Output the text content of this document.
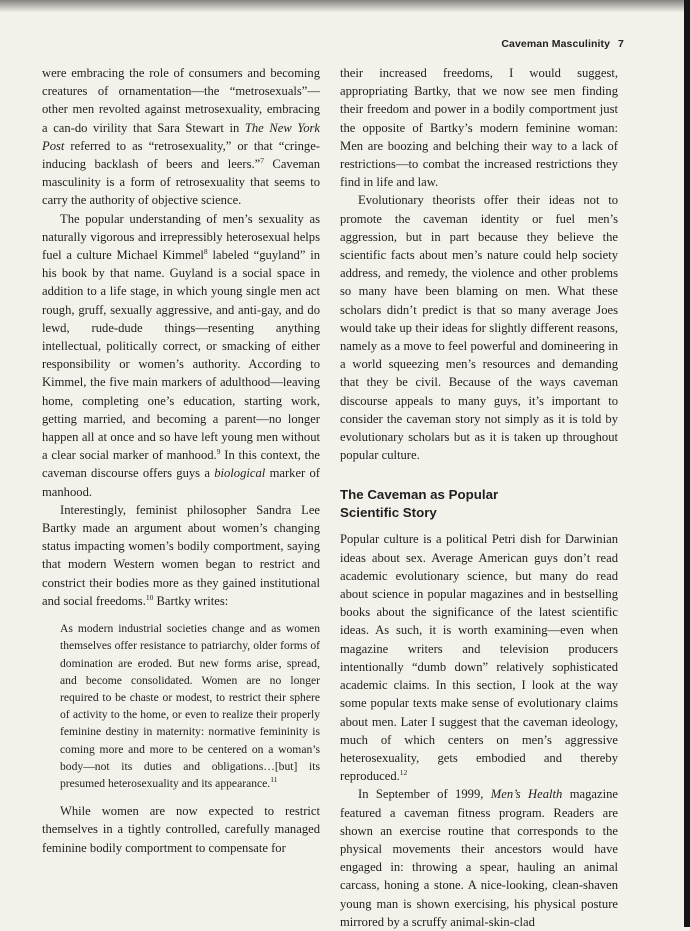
Caveman Masculinity 7

were embracing the role of consumers and becoming creatures of ornamentation—the “metrosexuals”—other men revolted against metrosexuality, embracing a can-do virility that Sara Stewart in The New York Post referred to as “retrosexuality,” or that “cringe-inducing backlash of beers and leers.”$^7$ Caveman masculinity is a form of retrosexuality that seems to carry the authority of objective science.

The popular understanding of men’s sexuality as naturally vigorous and irrepressibly heterosexual helps fuel a culture Michael Kimmel$^8$ labeled “guyland” in his book by that name. Guyland is a social space in addition to a life stage, in which young single men act rough, gruff, sexually aggressive, and anti-gay, and do lewd, rude-dude things—resenting anything intellectual, politically correct, or smacking of either responsibility or women’s authority. According to Kimmel, the five main markers of adulthood—leaving home, completing one’s education, starting work, getting married, and becoming a parent—no longer happen all at once and so have left young men without a clear social marker of manhood.$^9$ In this context, the caveman discourse offers guys a biological marker of manhood.

Interestingly, feminist philosopher Sandra Lee Bartky made an argument about women’s changing status impacting women’s bodily comportment, saying that modern Western women began to restrict and constrict their bodies more as they gained institutional and social freedoms.$^{10}$ Bartky writes:

As modern industrial societies change and as women themselves offer resistance to patriarchy, older forms of domination are eroded. But new forms arise, spread, and become consolidated. Women are no longer required to be chaste or modest, to restrict their sphere of activity to the home, or even to realize their properly feminine destiny in maternity: normative femininity is coming more and more to be centered on a woman’s body—not its duties and obligations…[but] its presumed heterosexuality and its appearance.$^{11}$

While women are now expected to restrict themselves in a tightly controlled, carefully managed feminine bodily comportment to compensate for

their increased freedoms, I would suggest, appropriating Bartky, that we now see men finding their freedom and power in a bodily comportment just the opposite of Bartky’s modern feminine woman: Men are boozing and belching their way to a lack of restrictions—to combat the increased restrictions they find in life and law.

Evolutionary theorists offer their ideas not to promote the caveman identity or fuel men’s aggression, but in part because they believe the scientific facts about men’s nature could help society address, and remedy, the violence and other problems so many have been blaming on men. What these scholars didn’t predict is that so many average Joes would take up their ideas for slightly different reasons, namely as a move to feel powerful and domineering in a world squeezing men’s resources and demanding that they be civil. Because of the ways caveman discourse appeals to many guys, it’s important to consider the caveman story not simply as it is told by evolutionary scholars but as it is taken up throughout popular culture.

The Caveman as Popular
Scientific Story

Popular culture is a political Petri dish for Darwinian ideas about sex. Average American guys don’t read academic evolutionary science, but many do read about science in popular magazines and in bestselling books about the significance of the latest scientific ideas. As such, it is worth examining—even when magazine writers and television producers intentionally “dumb down” relatively sophisticated academic claims. In this section, I look at the way some popular texts make sense of evolutionary claims about men. Later I suggest that the caveman ideology, much of which centers on men’s aggressive heterosexuality, gets embodied and thereby reproduced.$^{12}$

In September of 1999, Men’s Health magazine featured a caveman fitness program. Readers are shown an exercise routine that corresponds to the physical movements their ancestors would have engaged in: throwing a spear, hauling an animal carcass, honing a stone. A nice-looking, clean-shaven young man is shown exercising, his physical posture mirrored by a scruffy animal-skin-clad
